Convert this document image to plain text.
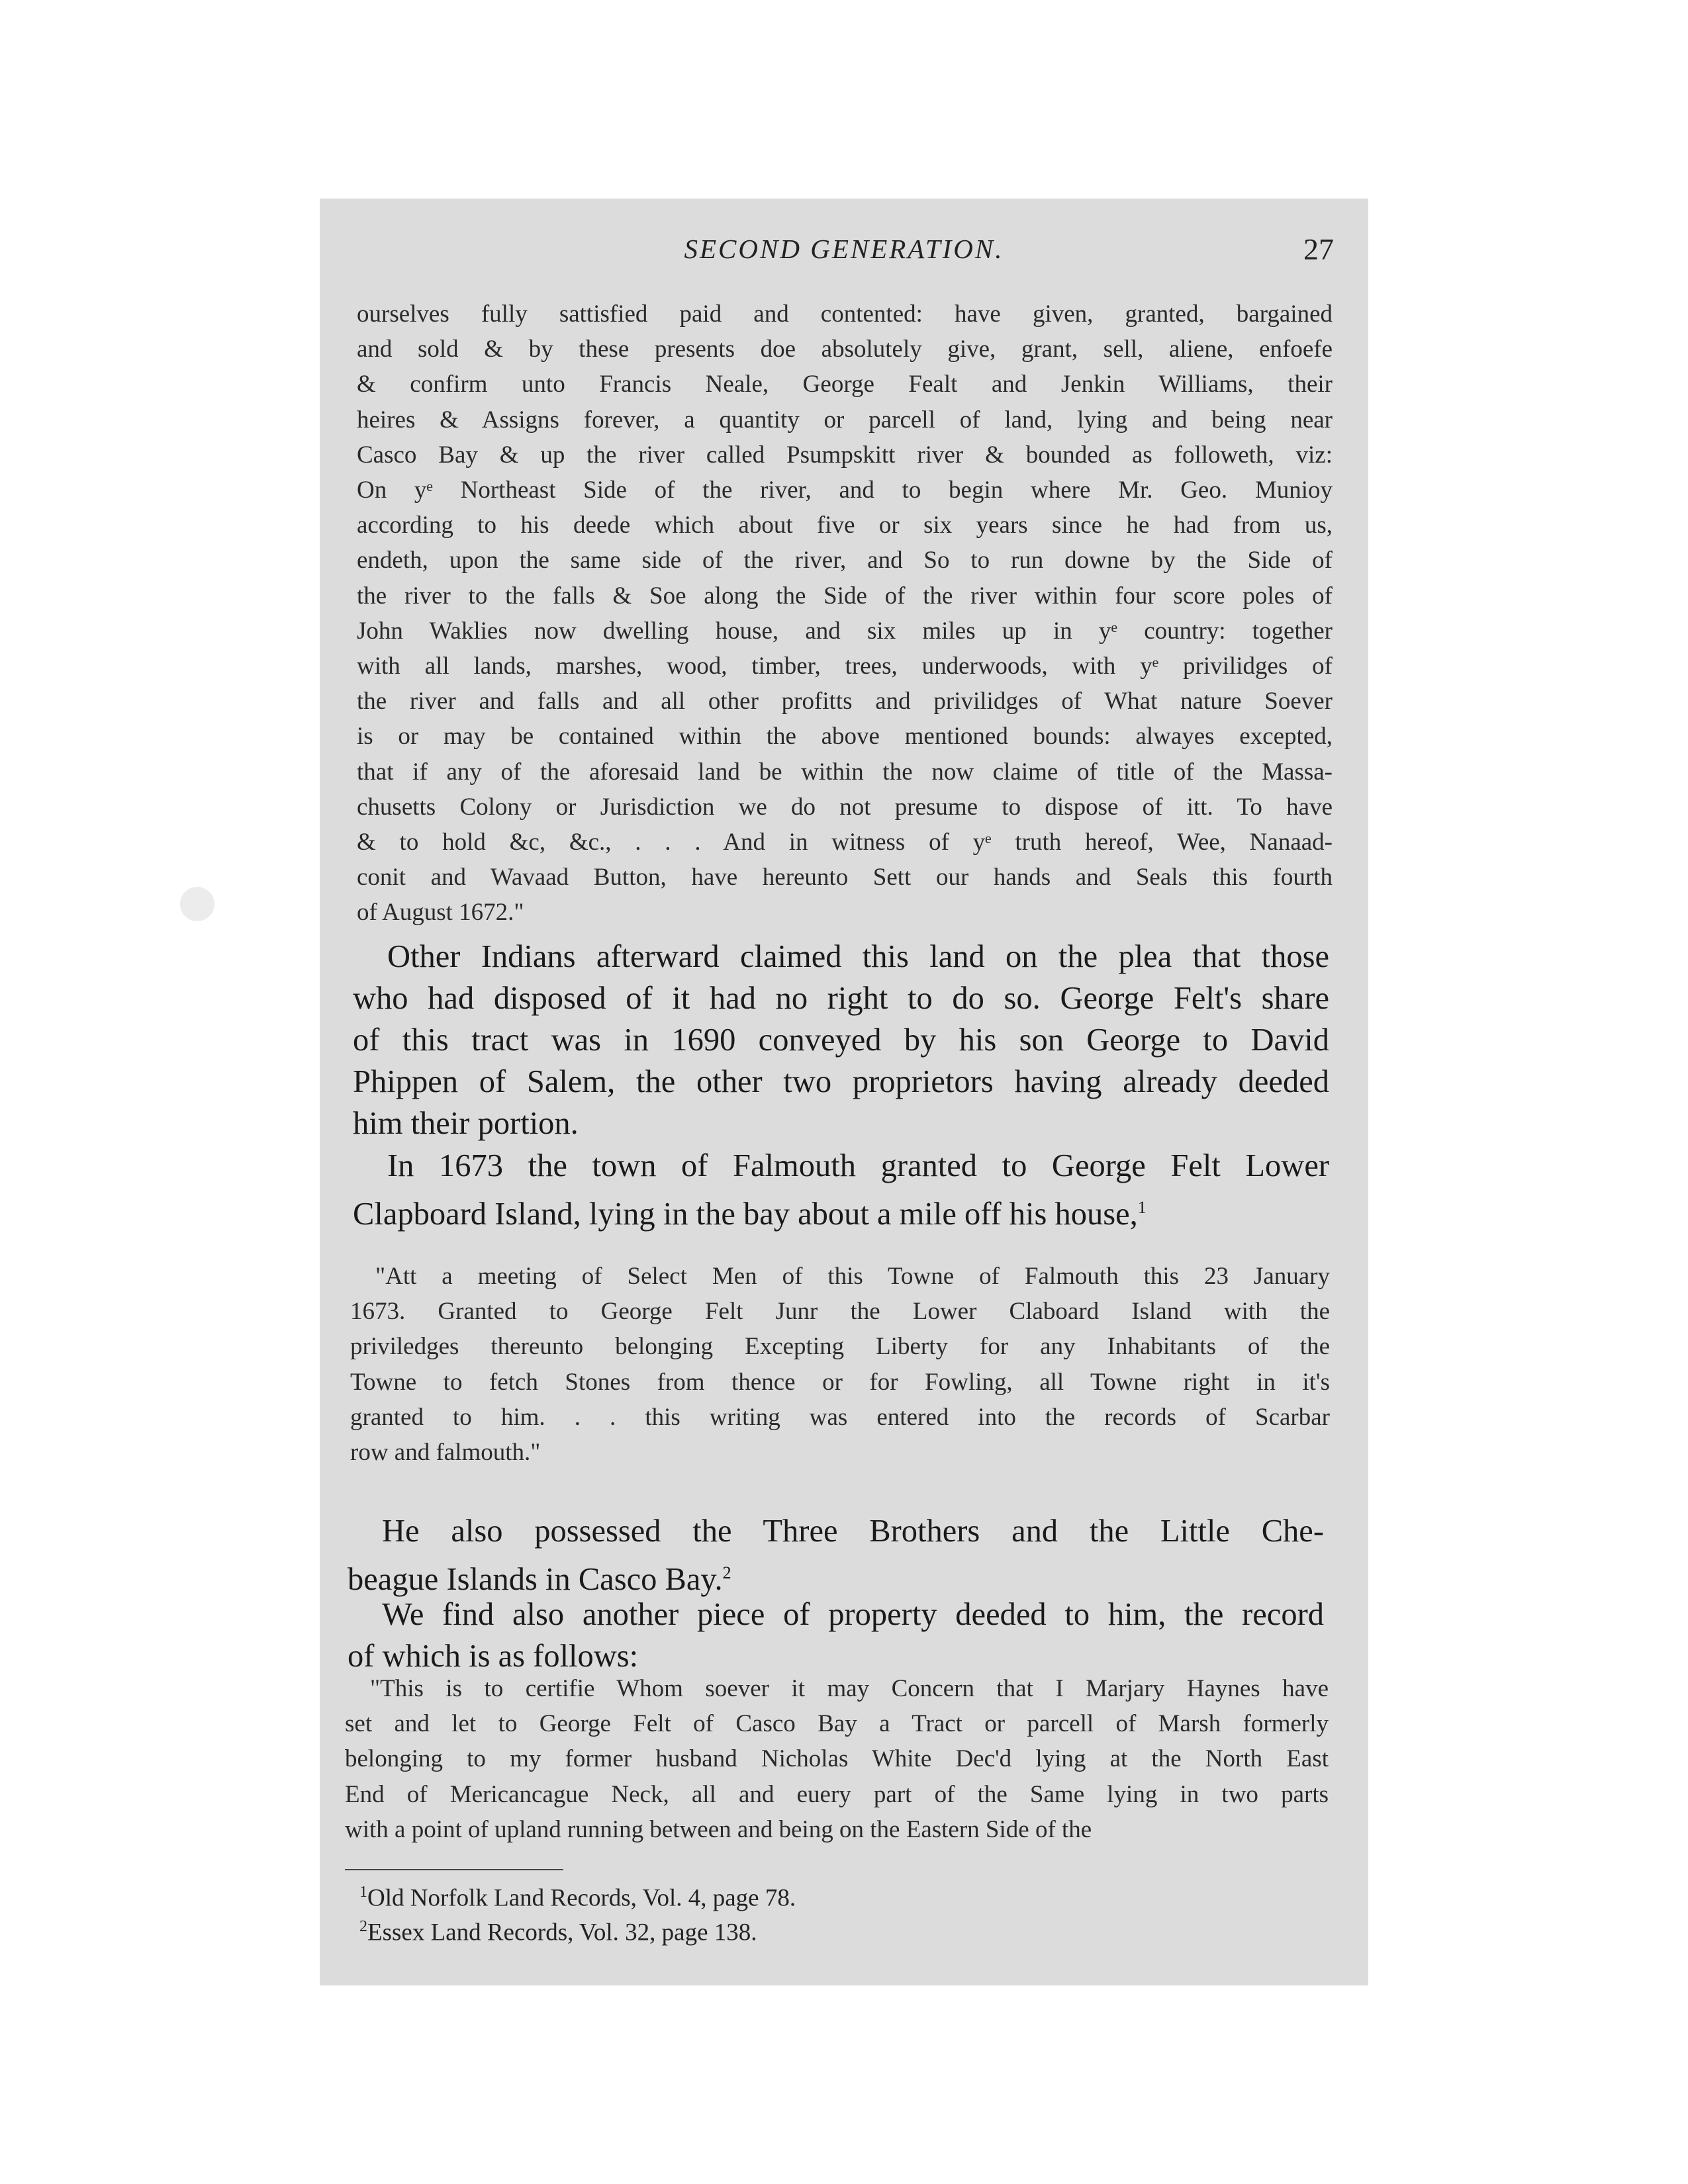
SECOND GENERATION.	27
ourselves fully sattisfied paid and contented: have given, granted, bargained
and sold & by these presents doe absolutely give, grant, sell, aliene, enfoefe
& confirm unto Francis Neale, George Fealt and Jenkin Williams, their
heires & Assigns forever, a quantity or parcell of land, lying and being near
Casco Bay & up the river called Psumpskitt river & bounded as followeth, viz:
On yᵉ Northeast Side of the river, and to begin where Mr. Geo. Munioy
according to his deede which about five or six years since he had from us,
endeth, upon the same side of the river, and So to run downe by the Side of
the river to the falls & Soe along the Side of the river within four score poles of
John Waklies now dwelling house, and six miles up in yᵉ country: together
with all lands, marshes, wood, timber, trees, underwoods, with yᵉ privilidges of
the river and falls and all other profitts and privilidges of What nature Soever
is or may be contained within the above mentioned bounds: alwayes excepted,
that if any of the aforesaid land be within the now claime of title of the Massa-
chusetts Colony or Jurisdiction we do not presume to dispose of itt. To have
& to hold &c, &c., . . . And in witness of yᵉ truth hereof, Wee, Nanaad-
conit and Wavaad Button, have hereunto Sett our hands and Seals this fourth
of August 1672."
Other Indians afterward claimed this land on the plea that those
who had disposed of it had no right to do so. George Felt's share
of this tract was in 1690 conveyed by his son George to David
Phippen of Salem, the other two proprietors having already deeded
him their portion.
In 1673 the town of Falmouth granted to George Felt Lower
Clapboard Island, lying in the bay about a mile off his house,$^1$
"Att a meeting of Select Men of this Towne of Falmouth this 23 January
1673. Granted to George Felt Junr the Lower Claboard Island with the
priviledges thereunto belonging Excepting Liberty for any Inhabitants of the
Towne to fetch Stones from thence or for Fowling, all Towne right in it's
granted to him. . . this writing was entered into the records of Scarbar
row and falmouth."
He also possessed the Three Brothers and the Little Che-
beague Islands in Casco Bay.$^2$
We find also another piece of property deeded to him, the record
of which is as follows:
"This is to certifie Whom soever it may Concern that I Marjary Haynes have
set and let to George Felt of Casco Bay a Tract or parcell of Marsh formerly
belonging to my former husband Nicholas White Dec'd lying at the North East
End of Mericancague Neck, all and euery part of the Same lying in two parts
with a point of upland running between and being on the Eastern Side of the
$^1$Old Norfolk Land Records, Vol. 4, page 78.
$^2$Essex Land Records, Vol. 32, page 138.
